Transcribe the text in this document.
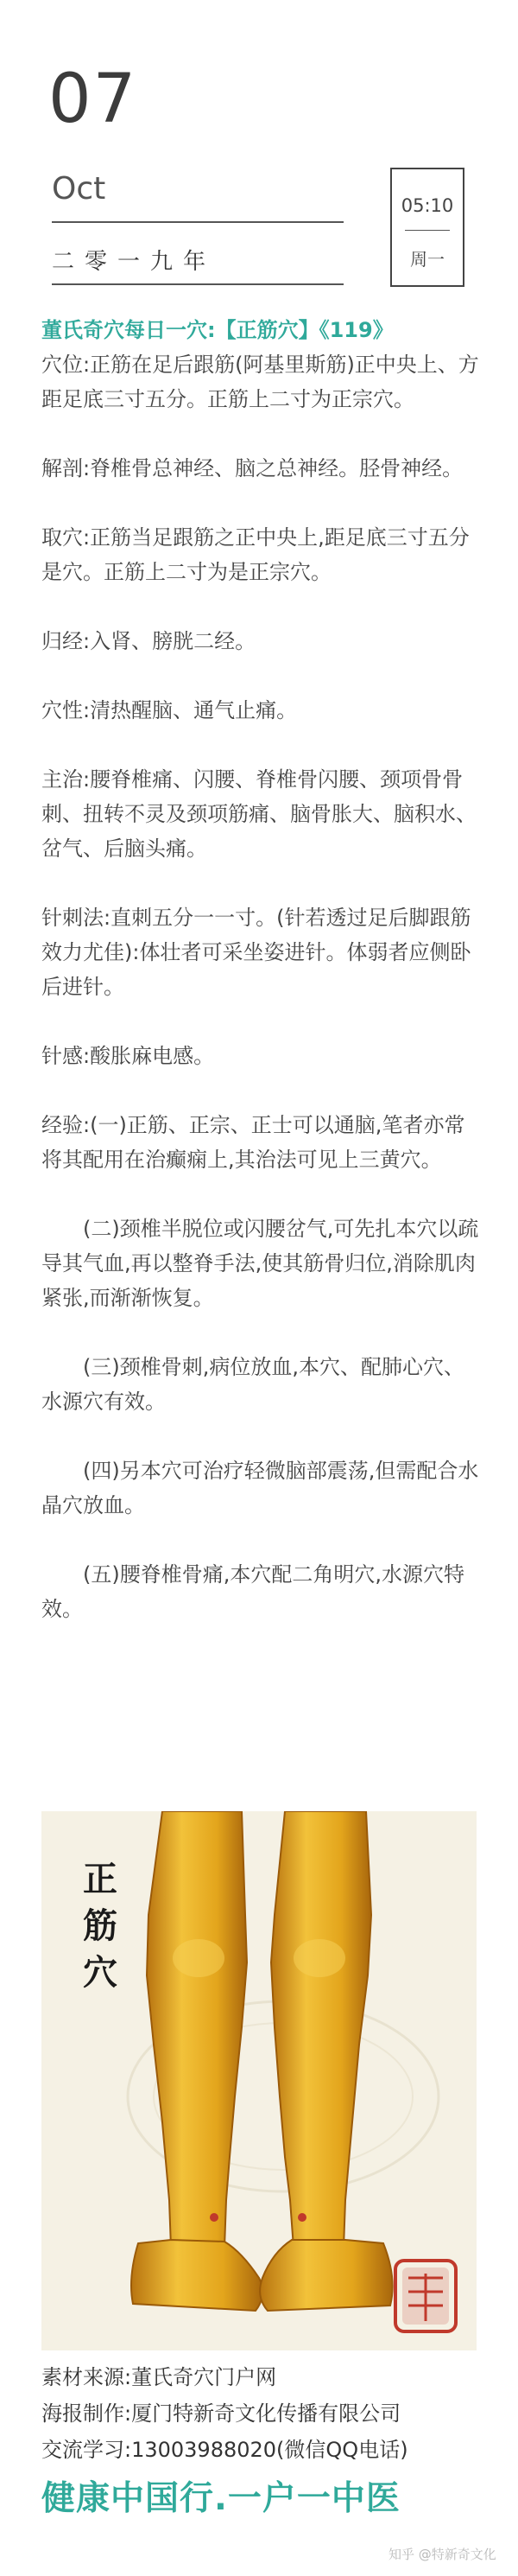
07
Oct
二零一九年
05:10
周一

董氏奇穴每日一穴:【正筋穴】《119》

穴位:正筋在足后跟筋(阿基里斯筋)正中央上、方距足底三寸五分。正筋上二寸为正宗穴。

解剖:脊椎骨总神经、脑之总神经。胫骨神经。

取穴:正筋当足跟筋之正中央上,距足底三寸五分是穴。正筋上二寸为是正宗穴。

归经:入肾、膀胱二经。

穴性:清热醒脑、通气止痛。

主治:腰脊椎痛、闪腰、脊椎骨闪腰、颈项骨骨刺、扭转不灵及颈项筋痛、脑骨胀大、脑积水、岔气、后脑头痛。

针刺法:直刺五分一一寸。(针若透过足后脚跟筋效力尤佳):体壮者可采坐姿进针。体弱者应侧卧后进针。

针感:酸胀麻电感。

经验:(一)正筋、正宗、正士可以通脑,笔者亦常将其配用在治癫痫上,其治法可见上三黄穴。

(二)颈椎半脱位或闪腰岔气,可先扎本穴以疏导其气血,再以整脊手法,使其筋骨归位,消除肌肉紧张,而渐渐恢复。

(三)颈椎骨刺,病位放血,本穴、配肺心穴、水源穴有效。

(四)另本穴可治疗轻微脑部震荡,但需配合水晶穴放血。

(五)腰脊椎骨痛,本穴配二角明穴,水源穴特效。

正筋穴
素材来源:董氏奇穴门户网
海报制作:厦门特新奇文化传播有限公司
交流学习:13003988020(微信QQ电话)
健康中国行.一户一中医
知乎 @特新奇文化
